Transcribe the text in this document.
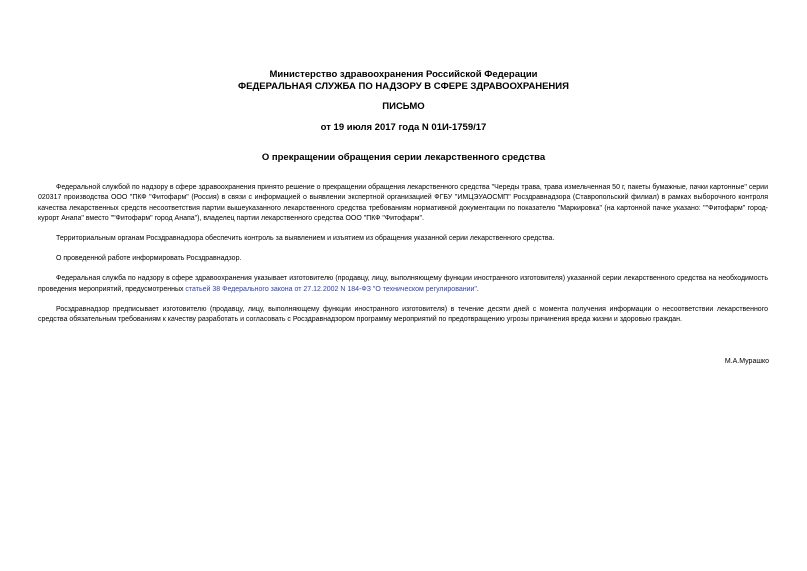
Министерство здравоохранения Российской Федерации
ФЕДЕРАЛЬНАЯ СЛУЖБА ПО НАДЗОРУ В СФЕРЕ ЗДРАВООХРАНЕНИЯ
ПИСЬМО
от 19 июля 2017 года N 01И-1759/17
О прекращении обращения серии лекарственного средства

Федеральной службой по надзору в сфере здравоохранения принято решение о прекращении обращения лекарственного средства "Череды трава, трава измельченная 50 г, пакеты бумажные, пачки картонные" серии 020317 производства ООО "ПКФ "Фитофарм" (Россия) в связи с информацией о выявлении экспертной организацией ФГБУ "ИМЦЭУАОСМП" Росздравнадзора (Ставропольский филиал) в рамках выборочного контроля качества лекарственных средств несоответствия партии вышеуказанного лекарственного средства требованиям нормативной документации по показателю "Маркировка" (на картонной пачке указано: ""Фитофарм" город-курорт Анапа" вместо ""Фитофарм" город Анапа"), владелец партии лекарственного средства ООО "ПКФ "Фитофарм".

Территориальным органам Росздравнадзора обеспечить контроль за выявлением и изъятием из обращения указанной серии лекарственного средства.

О проведенной работе информировать Росздравнадзор.

Федеральная служба по надзору в сфере здравоохранения указывает изготовителю (продавцу, лицу, выполняющему функции иностранного изготовителя) указанной серии лекарственного средства на необходимость проведения мероприятий, предусмотренных статьей 38 Федерального закона от 27.12.2002 N 184-ФЗ "О техническом регулировании".

Росздравнадзор предписывает изготовителю (продавцу, лицу, выполняющему функции иностранного изготовителя) в течение десяти дней с момента получения информации о несоответствии лекарственного средства обязательным требованиям к качеству разработать и согласовать с Росздравнадзором программу мероприятий по предотвращению угрозы причинения вреда жизни и здоровью граждан.

М.А.Мурашко
